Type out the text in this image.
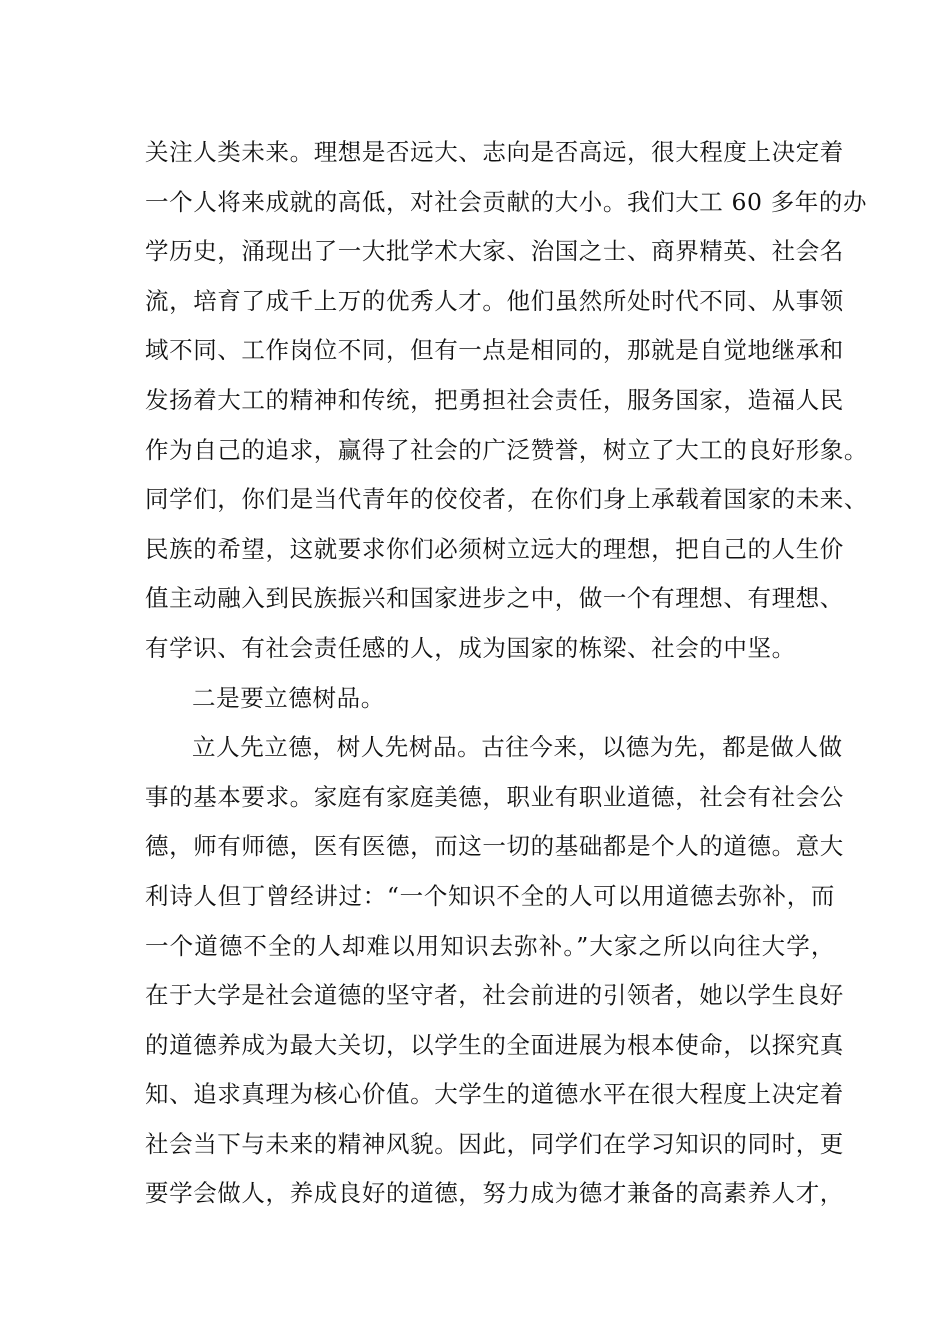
关注人类未来。理想是否远大、志向是否高远，很大程度上决定着
一个人将来成就的高低，对社会贡献的大小。我们大工 60 多年的办
学历史，涌现出了一大批学术大家、治国之士、商界精英、社会名
流，培育了成千上万的优秀人才。他们虽然所处时代不同、从事领
域不同、工作岗位不同，但有一点是相同的，那就是自觉地继承和
发扬着大工的精神和传统，把勇担社会责任，服务国家，造福人民
作为自己的追求，赢得了社会的广泛赞誉，树立了大工的良好形象。
同学们，你们是当代青年的佼佼者，在你们身上承载着国家的未来、
民族的希望，这就要求你们必须树立远大的理想，把自己的人生价
值主动融入到民族振兴和国家进步之中，做一个有理想、有理想、
有学识、有社会责任感的人，成为国家的栋梁、社会的中坚。
二是要立德树品。
立人先立德，树人先树品。古往今来，以德为先，都是做人做
事的基本要求。家庭有家庭美德，职业有职业道德，社会有社会公
德，师有师德，医有医德，而这一切的基础都是个人的道德。意大
利诗人但丁曾经讲过：“一个知识不全的人可以用道德去弥补，而
一个道德不全的人却难以用知识去弥补。”大家之所以向往大学，
在于大学是社会道德的坚守者，社会前进的引领者，她以学生良好
的道德养成为最大关切，以学生的全面进展为根本使命，以探究真
知、追求真理为核心价值。大学生的道德水平在很大程度上决定着
社会当下与未来的精神风貌。因此，同学们在学习知识的同时，更
要学会做人，养成良好的道德，努力成为德才兼备的高素养人才，
